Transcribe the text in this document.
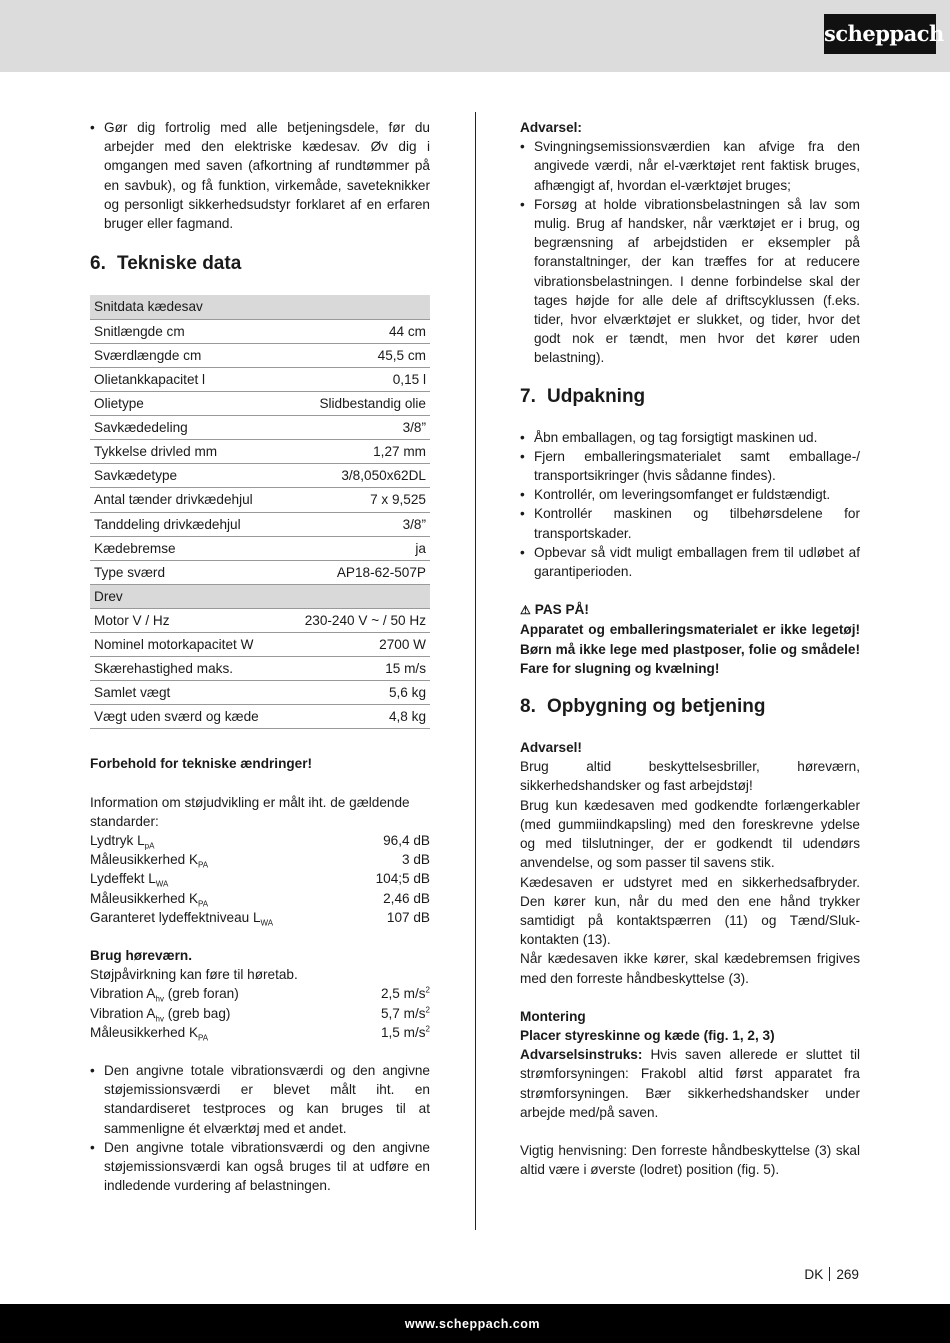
scheppach
• Gør dig fortrolig med alle betjeningsdele, før du arbejder med den elektriske kædesav. Øv dig i omgangen med saven (afkortning af rundtømmer på en savbuk), og få funktion, virkemåde, saveteknikker og personligt sikkerhedsudstyr forklaret af en erfaren bruger eller fagmand.
6. Tekniske data
Snitdata kædesav	
Snitlængde cm	44 cm
Sværdlængde cm	45,5 cm
Olietankkapacitet l	0,15 l
Olietype	Slidbestandig olie
Savkædedeling	3/8”
Tykkelse drivled mm	1,27 mm
Savkædetype	3/8,050x62DL
Antal tænder drivkædehjul	7 x 9,525
Tanddeling drivkædehjul	3/8”
Kædebremse	ja
Type sværd	AP18-62-507P
Drev	
Motor V / Hz	230-240 V ~ / 50 Hz
Nominel motorkapacitet W	2700 W
Skærehastighed maks.	15 m/s
Samlet vægt	5,6 kg
Vægt uden sværd og kæde	4,8 kg

Forbehold for tekniske ændringer!

Information om støjudvikling er målt iht. de gældende standarder:

Lydtryk $L_{pA}$	96,4 dB
Måleusikkerhed $K_{PA}$	3 dB
Lydeffekt $L_{WA}$	104;5 dB
Måleusikkerhed $K_{PA}$	2,46 dB
Garanteret lydeffektniveau $L_{WA}$	107 dB

Brug høreværn.

Støjpåvirkning kan føre til høretab.

Vibration $A_{hv}$ (greb foran)	2,5 $m/s^2$
Vibration $A_{hv}$ (greb bag)	5,7 $m/s^2$
Måleusikkerhed $K_{PA}$	1,5 $m/s^2$
• Den angivne totale vibrationsværdi og den angivne støjemissionsværdi er blevet målt iht. en standardiseret testproces og kan bruges til at sammenligne ét elværktøj med et andet.
• Den angivne totale vibrationsværdi og den angivne støjemissionsværdi kan også bruges til at udføre en indledende vurdering af belastningen.

Advarsel:

• Svingningsemissionsværdien kan afvige fra den angivede værdi, når el-værktøjet rent faktisk bruges, afhængigt af, hvordan el-værktøjet bruges;
• Forsøg at holde vibrationsbelastningen så lav som mulig. Brug af handsker, når værktøjet er i brug, og begrænsning af arbejdstiden er eksempler på foranstaltninger, der kan træffes for at reducere vibrationsbelastningen. I denne forbindelse skal der tages højde for alle dele af driftscyklussen (f.eks. tider, hvor elværktøjet er slukket, og tider, hvor det godt nok er tændt, men hvor det kører uden belastning).
7. Udpakning
• Åbn emballagen, og tag forsigtigt maskinen ud.
• Fjern emballeringsmaterialet samt emballage-/ transportsikringer (hvis sådanne findes).
• Kontrollér, om leveringsomfanget er fuldstændigt.
• Kontrollér maskinen og tilbehørsdelene for transportskader.
• Opbevar så vidt muligt emballagen frem til udløbet af garantiperioden.

⚠ PAS PÅ!

Apparatet og emballeringsmaterialet er ikke legetøj! Børn må ikke lege med plastposer, folie og smådele! Fare for slugning og kvælning!

8. Opbygning og betjening

Advarsel!

Brug altid beskyttelsesbriller, høreværn, sikkerhedshandsker og fast arbejdstøj!

Brug kun kædesaven med godkendte forlængerkabler (med gummiindkapsling) med den foreskrevne ydelse og med tilslutninger, der er godkendt til udendørs anvendelse, og som passer til savens stik.

Kædesaven er udstyret med en sikkerhedsafbryder. Den kører kun, når du med den ene hånd trykker samtidigt på kontaktspærren (11) og Tænd/Sluk-kontakten (13).

Når kædesaven ikke kører, skal kædebremsen frigives med den forreste håndbeskyttelse (3).

Montering

Placer styreskinne og kæde (fig. 1, 2, 3)

Advarselsinstruks: Hvis saven allerede er sluttet til strømforsyningen: Frakobl altid først apparatet fra strømforsyningen. Bær sikkerhedshandsker under arbejde med/på saven.

Vigtig henvisning: Den forreste håndbeskyttelse (3) skal altid være i øverste (lodret) position (fig. 5).

DK 269
www.scheppach.com
